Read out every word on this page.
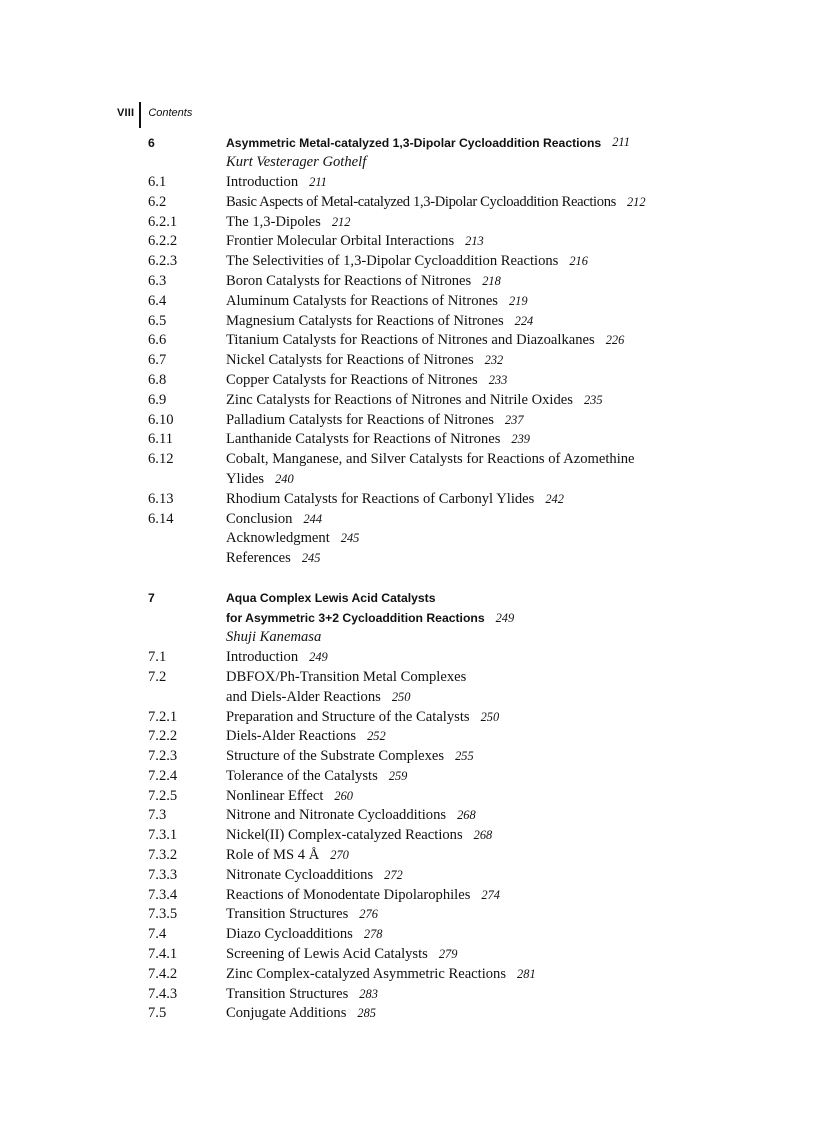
VIII Contents
6	Asymmetric Metal-catalyzed 1,3-Dipolar Cycloaddition Reactions 211
Kurt Vesterager Gothelf
6.1	Introduction 211
6.2	Basic Aspects of Metal-catalyzed 1,3-Dipolar Cycloaddition Reactions 212
6.2.1	The 1,3-Dipoles 212
6.2.2	Frontier Molecular Orbital Interactions 213
6.2.3	The Selectivities of 1,3-Dipolar Cycloaddition Reactions 216
6.3	Boron Catalysts for Reactions of Nitrones 218
6.4	Aluminum Catalysts for Reactions of Nitrones 219
6.5	Magnesium Catalysts for Reactions of Nitrones 224
6.6	Titanium Catalysts for Reactions of Nitrones and Diazoalkanes 226
6.7	Nickel Catalysts for Reactions of Nitrones 232
6.8	Copper Catalysts for Reactions of Nitrones 233
6.9	Zinc Catalysts for Reactions of Nitrones and Nitrile Oxides 235
6.10	Palladium Catalysts for Reactions of Nitrones 237
6.11	Lanthanide Catalysts for Reactions of Nitrones 239
6.12	Cobalt, Manganese, and Silver Catalysts for Reactions of Azomethine
Ylides 240
6.13	Rhodium Catalysts for Reactions of Carbonyl Ylides 242
6.14	Conclusion 244
Acknowledgment 245
References 245
7	Aqua Complex Lewis Acid Catalysts
for Asymmetric 3+2 Cycloaddition Reactions 249
Shuji Kanemasa
7.1	Introduction 249
7.2	DBFOX/Ph-Transition Metal Complexes
and Diels-Alder Reactions 250
7.2.1	Preparation and Structure of the Catalysts 250
7.2.2	Diels-Alder Reactions 252
7.2.3	Structure of the Substrate Complexes 255
7.2.4	Tolerance of the Catalysts 259
7.2.5	Nonlinear Effect 260
7.3	Nitrone and Nitronate Cycloadditions 268
7.3.1	Nickel(II) Complex-catalyzed Reactions 268
7.3.2	Role of MS 4 Å 270
7.3.3	Nitronate Cycloadditions 272
7.3.4	Reactions of Monodentate Dipolarophiles 274
7.3.5	Transition Structures 276
7.4	Diazo Cycloadditions 278
7.4.1	Screening of Lewis Acid Catalysts 279
7.4.2	Zinc Complex-catalyzed Asymmetric Reactions 281
7.4.3	Transition Structures 283
7.5	Conjugate Additions 285
